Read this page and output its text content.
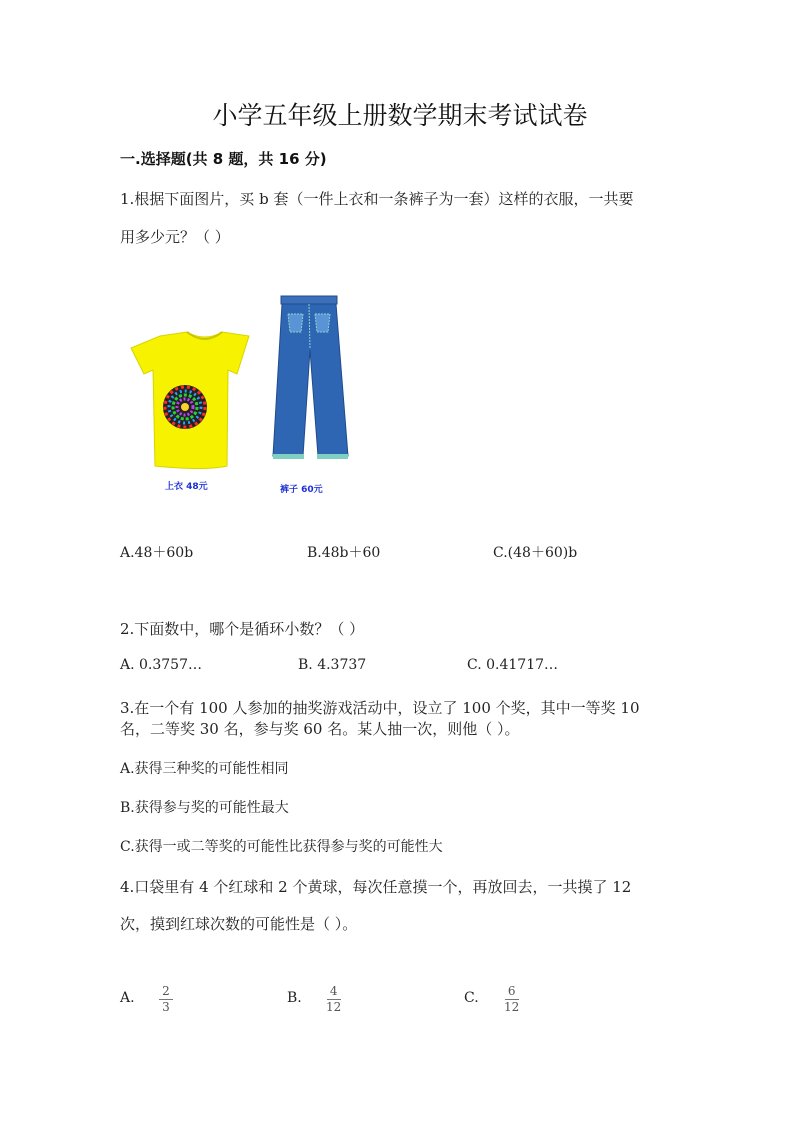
小学五年级上册数学期末考试试卷
一.选择题(共 8 题，共 16 分)
1.根据下面图片，买 b 套（一件上衣和一条裤子为一套）这样的衣服，一共要
用多少元？（ ）
上衣 48元	裤子 60元
A.48＋60b	B.48b＋60	C.(48＋60)b
2.下面数中，哪个是循环小数？（ ）
A. 0.3757…	B. 4.3737	C. 0.41717…
3.在一个有 100 人参加的抽奖游戏活动中，设立了 100 个奖，其中一等奖 10
名，二等奖 30 名，参与奖 60 名。某人抽一次，则他（ ）。
A.获得三种奖的可能性相同
B.获得参与奖的可能性最大
C.获得一或二等奖的可能性比获得参与奖的可能性大
4.口袋里有 4 个红球和 2 个黄球，每次任意摸一个，再放回去，一共摸了 12
次，摸到红球次数的可能性是（ ）。
A. 2
3
B. 4
12
C. 6
12
